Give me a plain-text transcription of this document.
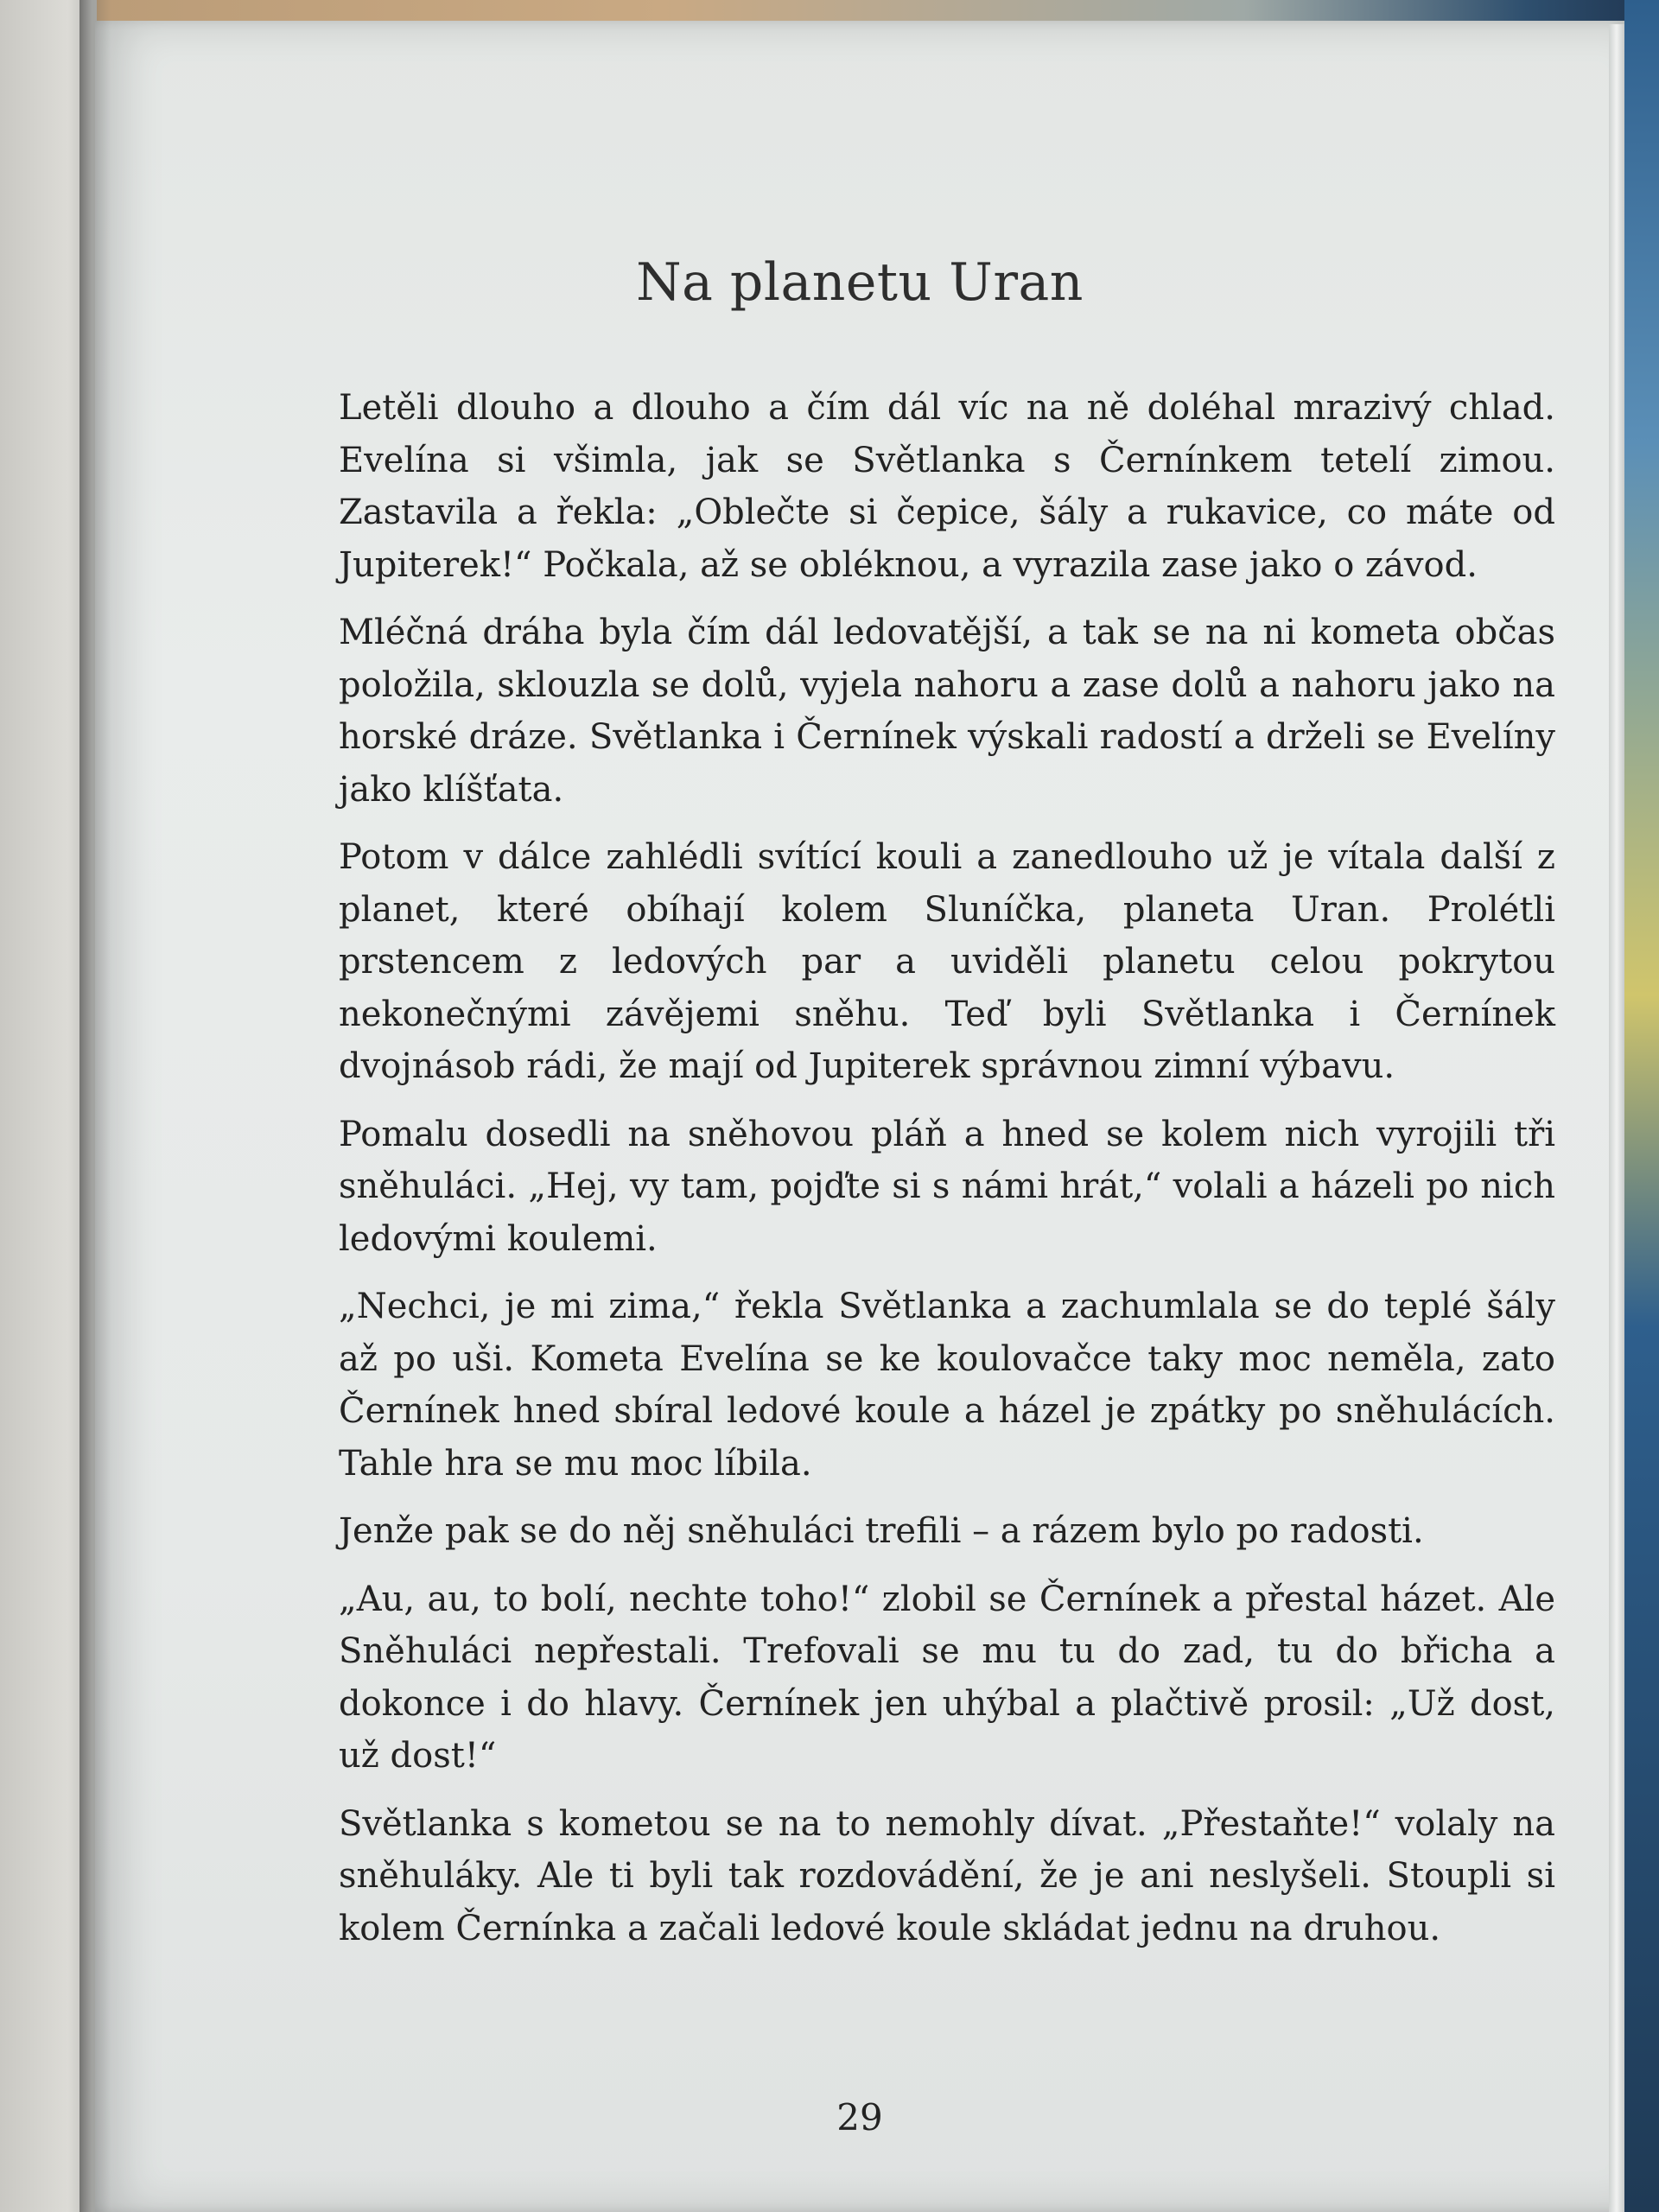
Na planetu Uran

Letěli dlouho a dlouho a čím dál víc na ně doléhal mrazivý chlad. Evelína si všimla, jak se Světlanka s Černínkem tetelí zimou. Zastavila a řekla: „Oblečte si čepice, šály a rukavice, co máte od Jupiterek!“ Počkala, až se obléknou, a vyrazila zase jako o závod.

Mléčná dráha byla čím dál ledovatější, a tak se na ni kometa občas položila, sklouzla se dolů, vyjela nahoru a zase dolů a nahoru jako na horské dráze. Světlanka i Černínek výskali radostí a drželi se Evelíny jako klíšťata.

Potom v dálce zahlédli svítící kouli a zanedlouho už je vítala další z planet, které obíhají kolem Sluníčka, planeta Uran. Prolétli prstencem z ledových par a uviděli planetu celou pokrytou nekonečnými závějemi sněhu. Teď byli Světlanka i Černínek dvojnásob rádi, že mají od Jupiterek správnou zimní výbavu.

Pomalu dosedli na sněhovou pláň a hned se kolem nich vyrojili tři sněhuláci. „Hej, vy tam, pojďte si s námi hrát,“ volali a házeli po nich ledovými koulemi.

„Nechci, je mi zima,“ řekla Světlanka a zachumlala se do teplé šály až po uši. Kometa Evelína se ke koulovačce taky moc neměla, zato Černínek hned sbíral ledové koule a házel je zpátky po sněhulácích. Tahle hra se mu moc líbila.

Jenže pak se do něj sněhuláci trefili – a rázem bylo po radosti.

„Au, au, to bolí, nechte toho!“ zlobil se Černínek a přestal házet. Ale Sněhuláci nepřestali. Trefovali se mu tu do zad, tu do břicha a dokonce i do hlavy. Černínek jen uhýbal a plačtivě prosil: „Už dost, už dost!“

Světlanka s kometou se na to nemohly dívat. „Přestaňte!“ volaly na sněhuláky. Ale ti byli tak rozdovádění, že je ani neslyšeli. Stoupli si kolem Černínka a začali ledové koule skládat jednu na druhou.

29
